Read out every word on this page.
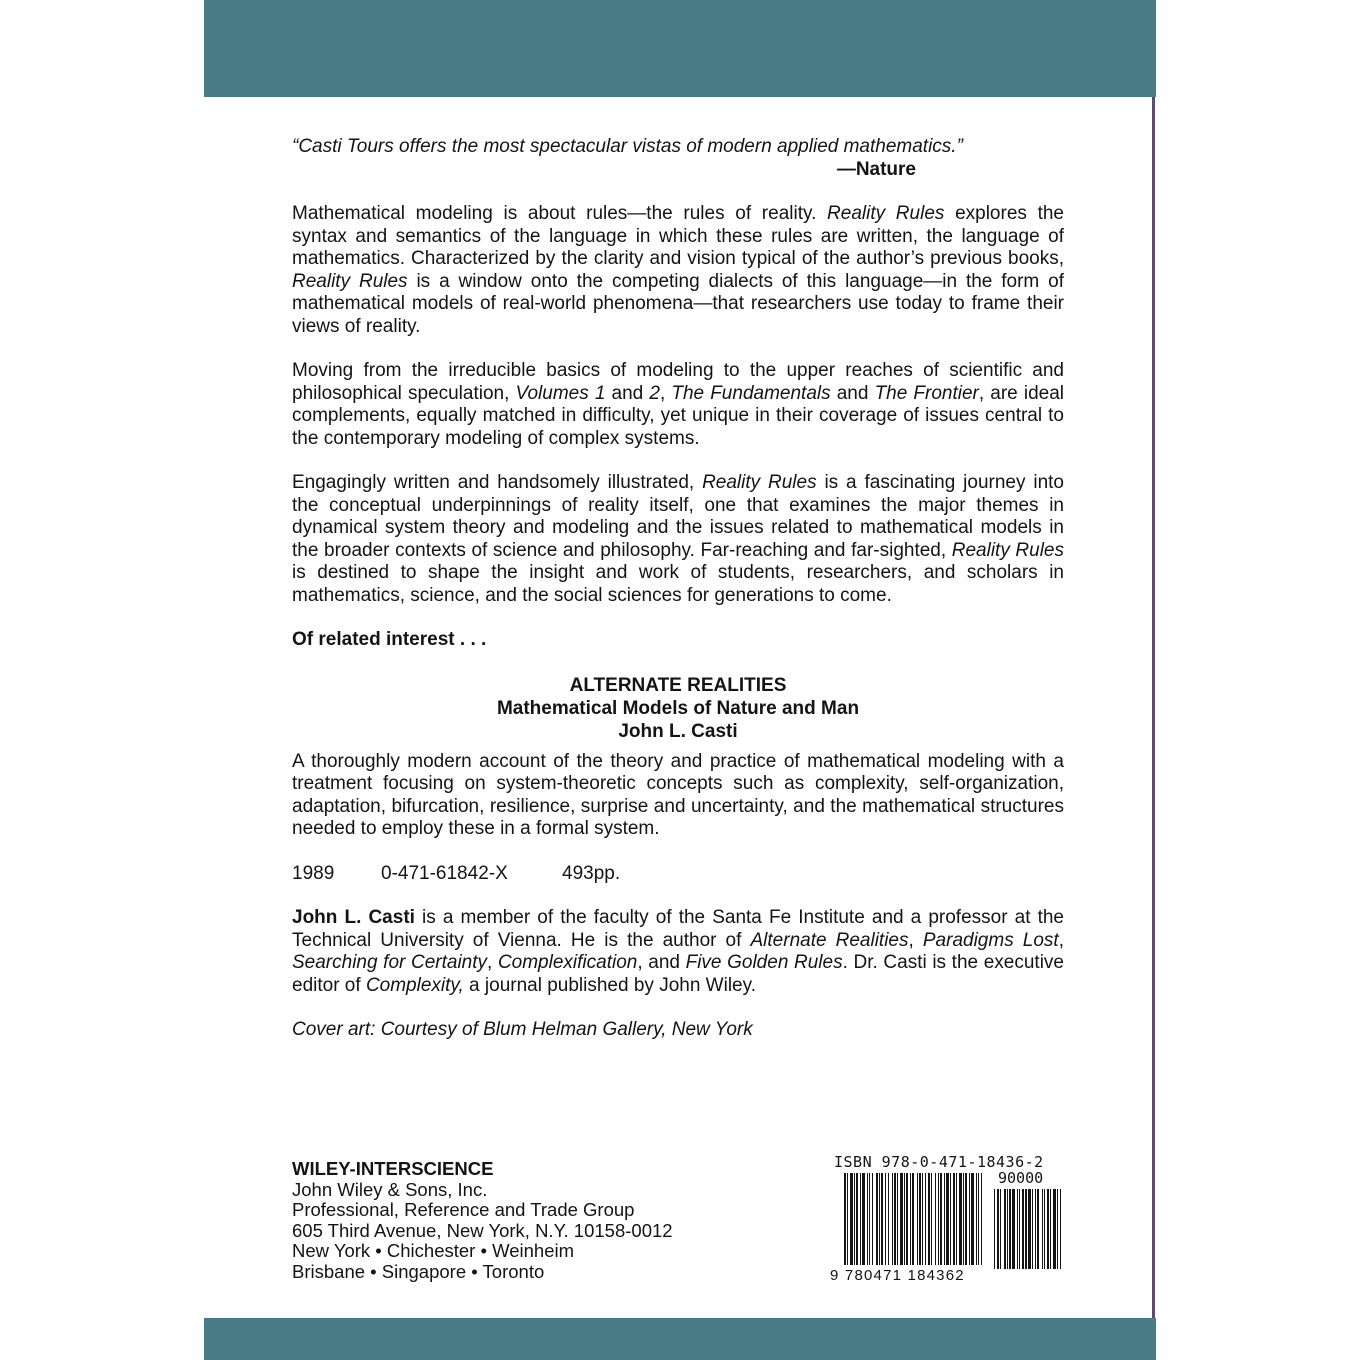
“Casti Tours offers the most spectacular vistas of modern applied mathematics.”

—Nature

Mathematical modeling is about rules—the rules of reality. Reality Rules explores the syntax and semantics of the language in which these rules are written, the language of mathematics. Characterized by the clarity and vision typical of the author’s previous books, Reality Rules is a window onto the competing dialects of this language—in the form of mathematical models of real-world phenomena—that researchers use today to frame their views of reality.

Moving from the irreducible basics of modeling to the upper reaches of scientific and philosophical speculation, Volumes 1 and 2, The Fundamentals and The Frontier, are ideal complements, equally matched in difficulty, yet unique in their coverage of issues central to the contemporary modeling of complex systems.

Engagingly written and handsomely illustrated, Reality Rules is a fascinating journey into the conceptual underpinnings of reality itself, one that examines the major themes in dynamical system theory and modeling and the issues related to mathematical models in the broader contexts of science and philosophy. Far-reaching and far-sighted, Reality Rules is destined to shape the insight and work of students, researchers, and scholars in mathematics, science, and the social sciences for generations to come.

Of related interest . . .

ALTERNATE REALITIES
Mathematical Models of Nature and Man
John L. Casti

A thoroughly modern account of the theory and practice of mathematical modeling with a treatment focusing on system-theoretic concepts such as complexity, self-organization, adaptation, bifurcation, resilience, surprise and uncertainty, and the mathematical structures needed to employ these in a formal system.

1989 0-471-61842-X	493pp.

John L. Casti is a member of the faculty of the Santa Fe Institute and a professor at the Technical University of Vienna. He is the author of Alternate Realities, Paradigms Lost, Searching for Certainty, Complexification, and Five Golden Rules. Dr. Casti is the executive editor of Complexity, a journal published by John Wiley.

Cover art: Courtesy of Blum Helman Gallery, New York

WILEY-INTERSCIENCE
John Wiley & Sons, Inc.
Professional, Reference and Trade Group
605 Third Avenue, New York, N.Y. 10158-0012
New York • Chichester • Weinheim
Brisbane • Singapore • Toronto
ISBN 978-0-471-18436-2
90000
9 780471 184362
